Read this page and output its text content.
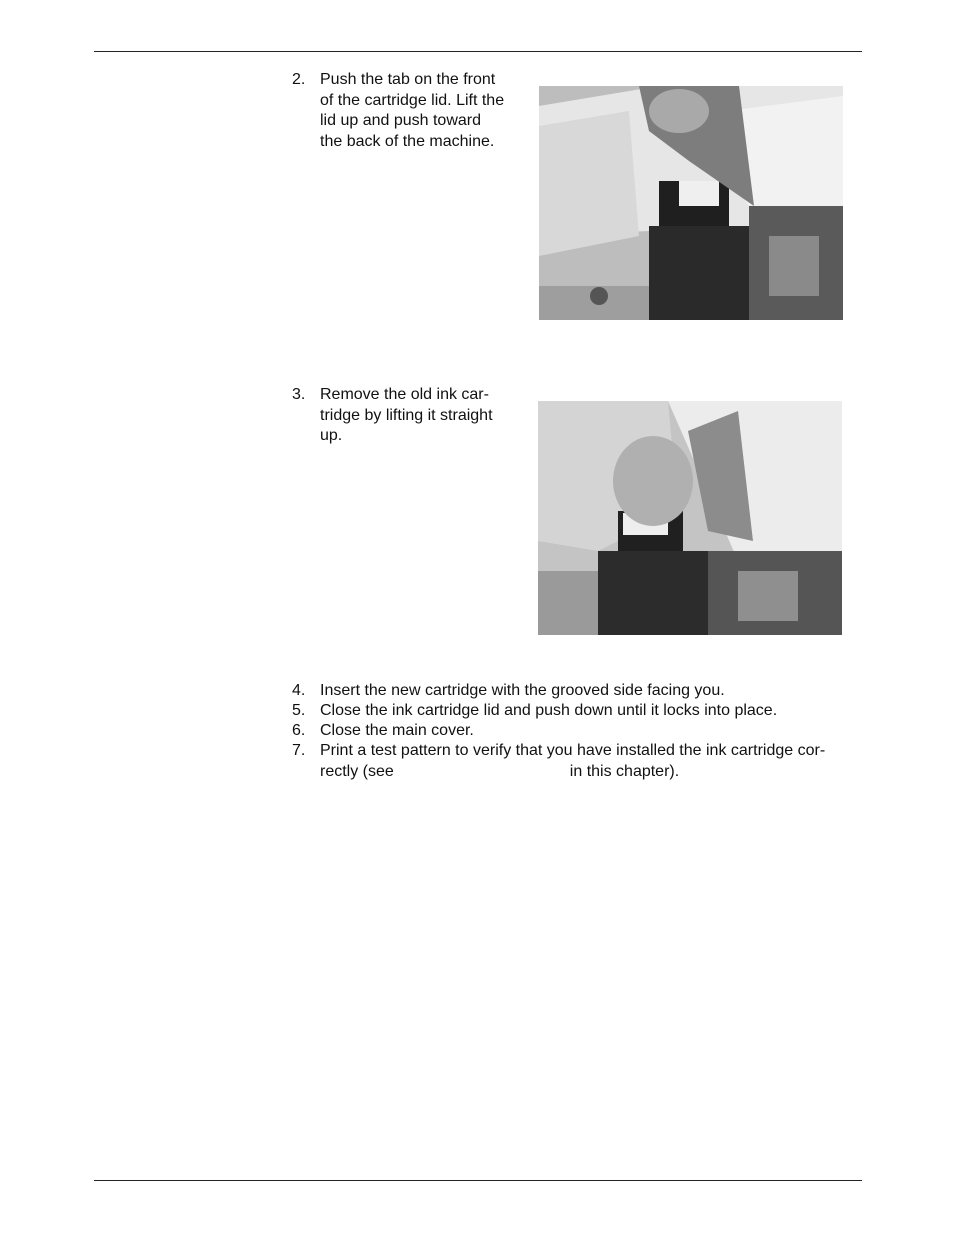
2. Push the tab on the front
of the cartridge lid. Lift the
lid up and push toward
the back of the machine.
3. Remove the old ink car-
tridge by lifting it straight
up.
4. Insert the new cartridge with the grooved side facing you.
5. Close the ink cartridge lid and push down until it locks into place.
6. Close the main cover.
7. Print a test pattern to verify that you have installed the ink cartridge cor-
rectly (see	in this chapter).
